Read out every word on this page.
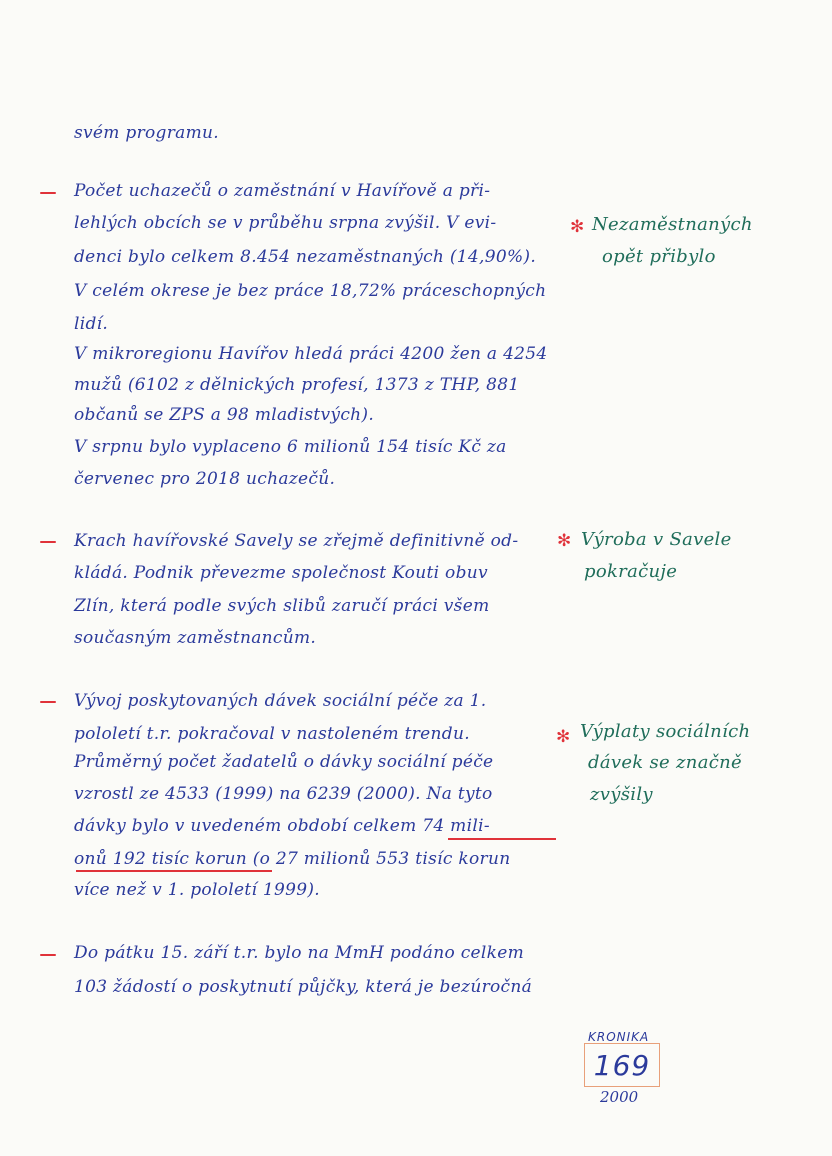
svém programu.
Počet uchazečů o zaměstnání v Havířově a při-
lehlých obcích se v průběhu srpna zvýšil. V evi-
denci bylo celkem 8.454 nezaměstnaných (14,90%).
V celém okrese je bez práce 18,72% práceschopných
lidí.
V mikroregionu Havířov hledá práci 4200 žen a 4254
mužů (6102 z dělnických profesí, 1373 z THP, 881
občanů se ZPS a 98 mladistvých).
V srpnu bylo vyplaceno 6 milionů 154 tisíc Kč za
červenec pro 2018 uchazečů.
✻ Nezaměstnaných
opět přibylo
Krach havířovské Savely se zřejmě definitivně od-
kládá. Podnik převezme společnost Kouti obuv
Zlín, která podle svých slibů zaručí práci všem
současným zaměstnancům.
✻ Výroba v Savele
pokračuje
Vývoj poskytovaných dávek sociální péče za 1.
pololetí t.r. pokračoval v nastoleném trendu.
Průměrný počet žadatelů o dávky sociální péče
vzrostl ze 4533 (1999) na 6239 (2000). Na tyto
dávky bylo v uvedeném období celkem 74 mili-
onů 192 tisíc korun (o 27 milionů 553 tisíc korun
více než v 1. pololetí 1999).
✻ Výplaty sociálních
dávek se značně
zvýšily
Do pátku 15. září t.r. bylo na MmH podáno celkem
103 žádostí o poskytnutí půjčky, která je bezúročná
KRONIKA
169
2000
